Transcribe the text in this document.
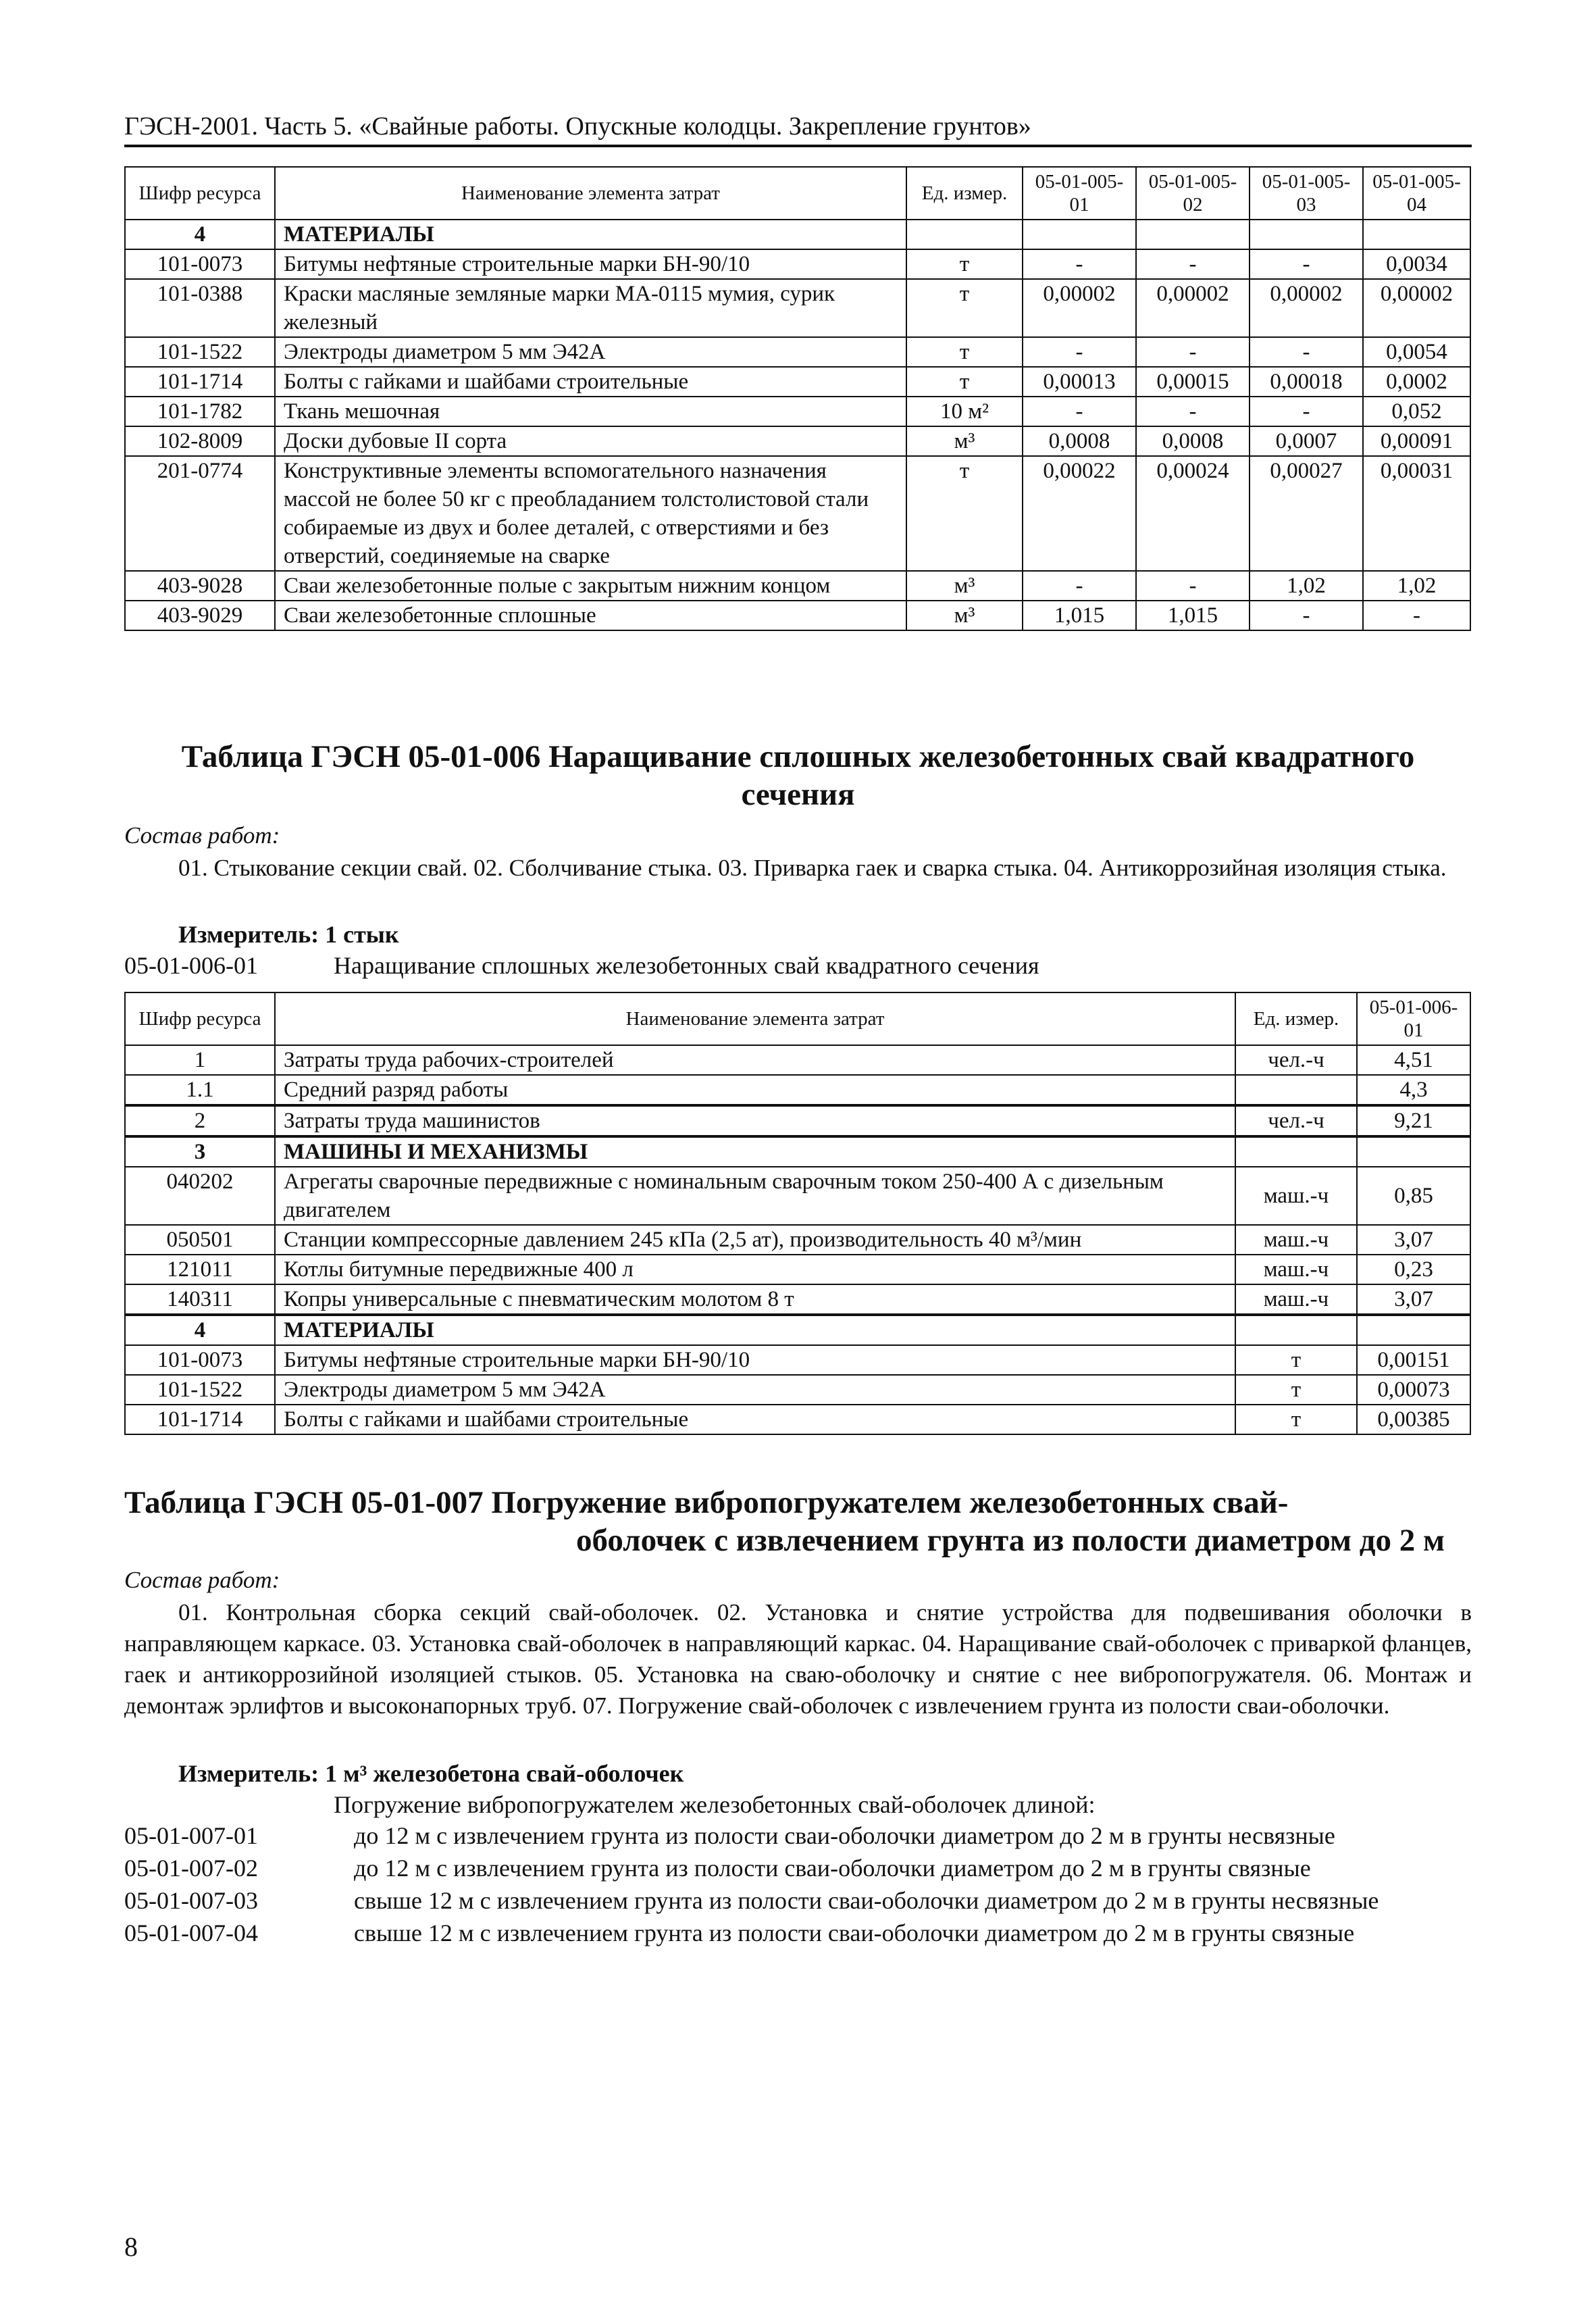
ГЭСН-2001. Часть 5. «Свайные работы. Опускные колодцы. Закрепление грунтов»
Шифр ресурса	Наименование элемента затрат	Ед. измер.	05-01-005-01	05-01-005-02	05-01-005-03	05-01-005-04
4	МАТЕРИАЛЫ					
101-0073	Битумы нефтяные строительные марки БН-90/10	т	-	-	-	0,0034
101-0388	Краски масляные земляные марки МА-0115 мумия, сурик железный	т	0,00002	0,00002	0,00002	0,00002
101-1522	Электроды диаметром 5 мм Э42А	т	-	-	-	0,0054
101-1714	Болты с гайками и шайбами строительные	т	0,00013	0,00015	0,00018	0,0002
101-1782	Ткань мешочная	10 м²	-	-	-	0,052
102-8009	Доски дубовые II сорта	м³	0,0008	0,0008	0,0007	0,00091
201-0774	Конструктивные элементы вспомогательного назначения массой не более 50 кг с преобладанием толстолистовой стали собираемые из двух и более деталей, с отверстиями и без отверстий, соединяемые на сварке	т	0,00022	0,00024	0,00027	0,00031
403-9028	Сваи железобетонные полые с закрытым нижним концом	м³	-	-	1,02	1,02
403-9029	Сваи железобетонные сплошные	м³	1,015	1,015	-	-
Таблица ГЭСН 05-01-006 Наращивание сплошных железобетонных свай квадратного
сечения
Состав работ:
01. Стыкование секции свай. 02. Сболчивание стыка. 03. Приварка гаек и сварка стыка. 04. Антикоррозийная изоляция стыка.
Измеритель: 1 стык
05-01-006-01	Наращивание сплошных железобетонных свай квадратного сечения
Шифр ресурса	Наименование элемента затрат	Ед. измер.	05-01-006-01
1	Затраты труда рабочих-строителей	чел.-ч	4,51
1.1	Средний разряд работы		4,3
2	Затраты труда машинистов	чел.-ч	9,21
3	МАШИНЫ И МЕХАНИЗМЫ		
040202	Агрегаты сварочные передвижные с номинальным сварочным током 250-400 А с дизельным двигателем	маш.-ч	0,85
050501	Станции компрессорные давлением 245 кПа (2,5 ат), производительность 40 м³/мин	маш.-ч	3,07
121011	Котлы битумные передвижные 400 л	маш.-ч	0,23
140311	Копры универсальные с пневматическим молотом 8 т	маш.-ч	3,07
4	МАТЕРИАЛЫ		
101-0073	Битумы нефтяные строительные марки БН-90/10	т	0,00151
101-1522	Электроды диаметром 5 мм Э42А	т	0,00073
101-1714	Болты с гайками и шайбами строительные	т	0,00385
Таблица ГЭСН 05-01-007 Погружение вибропогружателем железобетонных свай-
оболочек с извлечением грунта из полости диаметром до 2 м
Состав работ:
01. Контрольная сборка секций свай-оболочек. 02. Установка и снятие устройства для подвешивания оболочки в направляющем каркасе. 03. Установка свай-оболочек в направляющий каркас. 04. Наращивание свай-оболочек с приваркой фланцев, гаек и антикоррозийной изоляцией стыков. 05. Установка на сваю-оболочку и снятие с нее вибропогружателя. 06. Монтаж и демонтаж эрлифтов и высоконапорных труб. 07. Погружение свай-оболочек с извлечением грунта из полости сваи-оболочки.
Измеритель: 1 м³ железобетона свай-оболочек
Погружение вибропогружателем железобетонных свай-оболочек длиной:
05-01-007-01	до 12 м с извлечением грунта из полости сваи-оболочки диаметром до 2 м в грунты несвязные
05-01-007-02	до 12 м с извлечением грунта из полости сваи-оболочки диаметром до 2 м в грунты связные
05-01-007-03	свыше 12 м с извлечением грунта из полости сваи-оболочки диаметром до 2 м в грунты несвязные
05-01-007-04	свыше 12 м с извлечением грунта из полости сваи-оболочки диаметром до 2 м в грунты связные
8
